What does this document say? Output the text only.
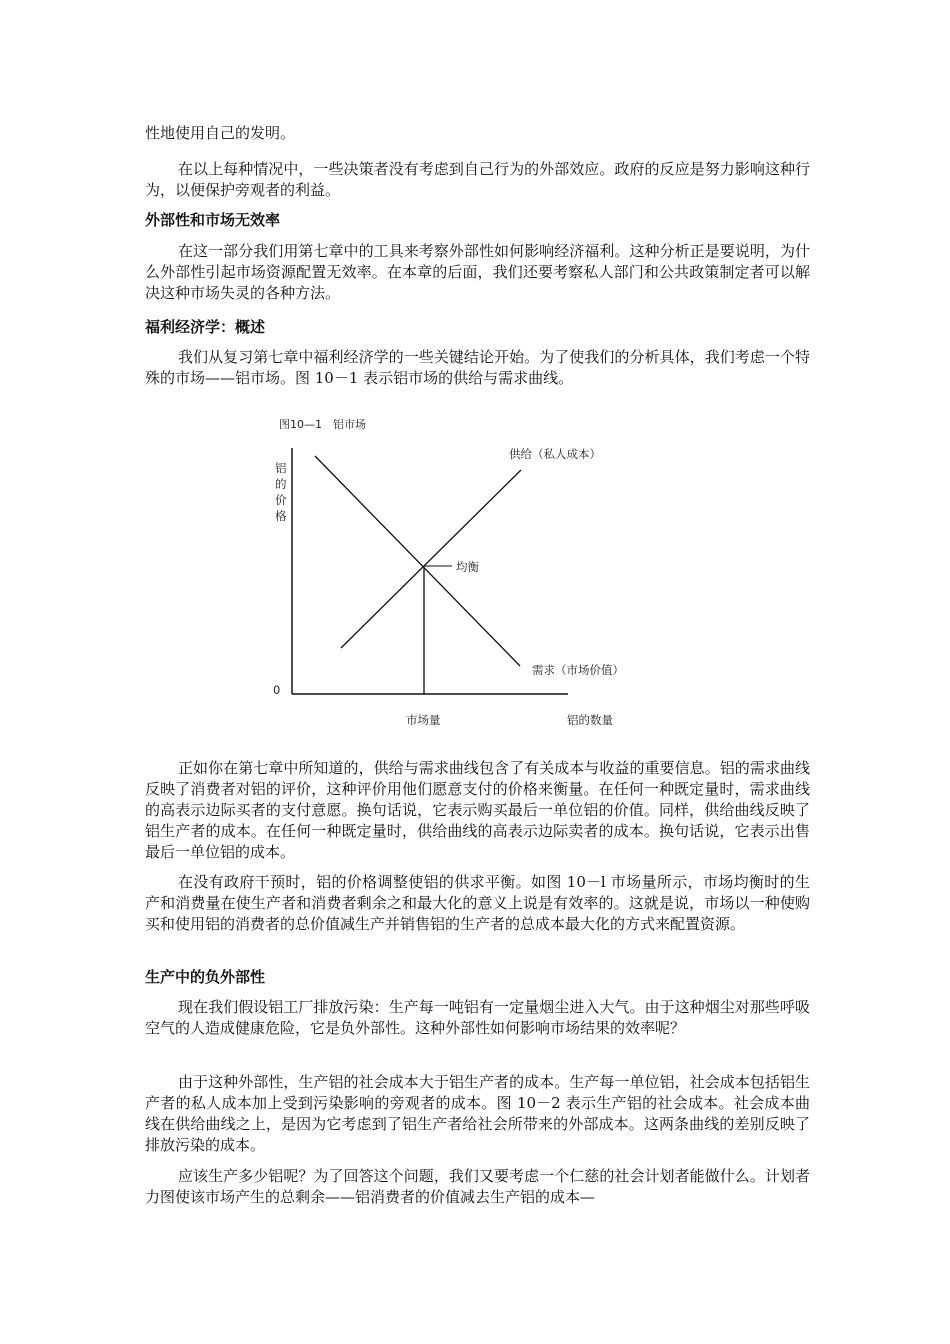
性地使用自己的发明。

在以上每种情况中，一些决策者没有考虑到自己行为的外部效应。政府的反应是努力影响这种行为，以便保护旁观者的利益。

外部性和市场无效率

在这一部分我们用第七章中的工具来考察外部性如何影响经济福利。这种分析正是要说明，为什么外部性引起市场资源配置无效率。在本章的后面，我们还要考察私人部门和公共政策制定者可以解决这种市场失灵的各种方法。

福利经济学：概述

我们从复习第七章中福利经济学的一些关键结论开始。为了使我们的分析具体，我们考虑一个特殊的市场——铝市场。图 10－1 表示铝市场的供给与需求曲线。

图10—1　铝市场
铝
的
价
格
0
均衡
供给（私人成本）
需求（市场价值）
市场量	铝的数量

正如你在第七章中所知道的，供给与需求曲线包含了有关成本与收益的重要信息。铝的需求曲线反映了消费者对铝的评价，这种评价用他们愿意支付的价格来衡量。在任何一种既定量时，需求曲线的高表示边际买者的支付意愿。换句话说，它表示购买最后一单位铝的价值。同样，供给曲线反映了铝生产者的成本。在任何一种既定量时，供给曲线的高表示边际卖者的成本。换句话说，它表示出售最后一单位铝的成本。

在没有政府干预时，铝的价格调整使铝的供求平衡。如图 10－l 市场量所示，市场均衡时的生产和消费量在使生产者和消费者剩余之和最大化的意义上说是有效率的。这就是说，市场以一种使购买和使用铝的消费者的总价值减生产并销售铝的生产者的总成本最大化的方式来配置资源。

生产中的负外部性

现在我们假设铝工厂排放污染：生产每一吨铝有一定量烟尘进入大气。由于这种烟尘对那些呼吸空气的人造成健康危险，它是负外部性。这种外部性如何影响市场结果的效率呢？

由于这种外部性，生产铝的社会成本大于铝生产者的成本。生产每一单位铝，社会成本包括铝生产者的私人成本加上受到污染影响的旁观者的成本。图 10－2 表示生产铝的社会成本。社会成本曲线在供给曲线之上，是因为它考虑到了铝生产者给社会所带来的外部成本。这两条曲线的差别反映了排放污染的成本。

应该生产多少铝呢？为了回答这个问题，我们又要考虑一个仁慈的社会计划者能做什么。计划者力图使该市场产生的总剩余——铝消费者的价值减去生产铝的成本—
